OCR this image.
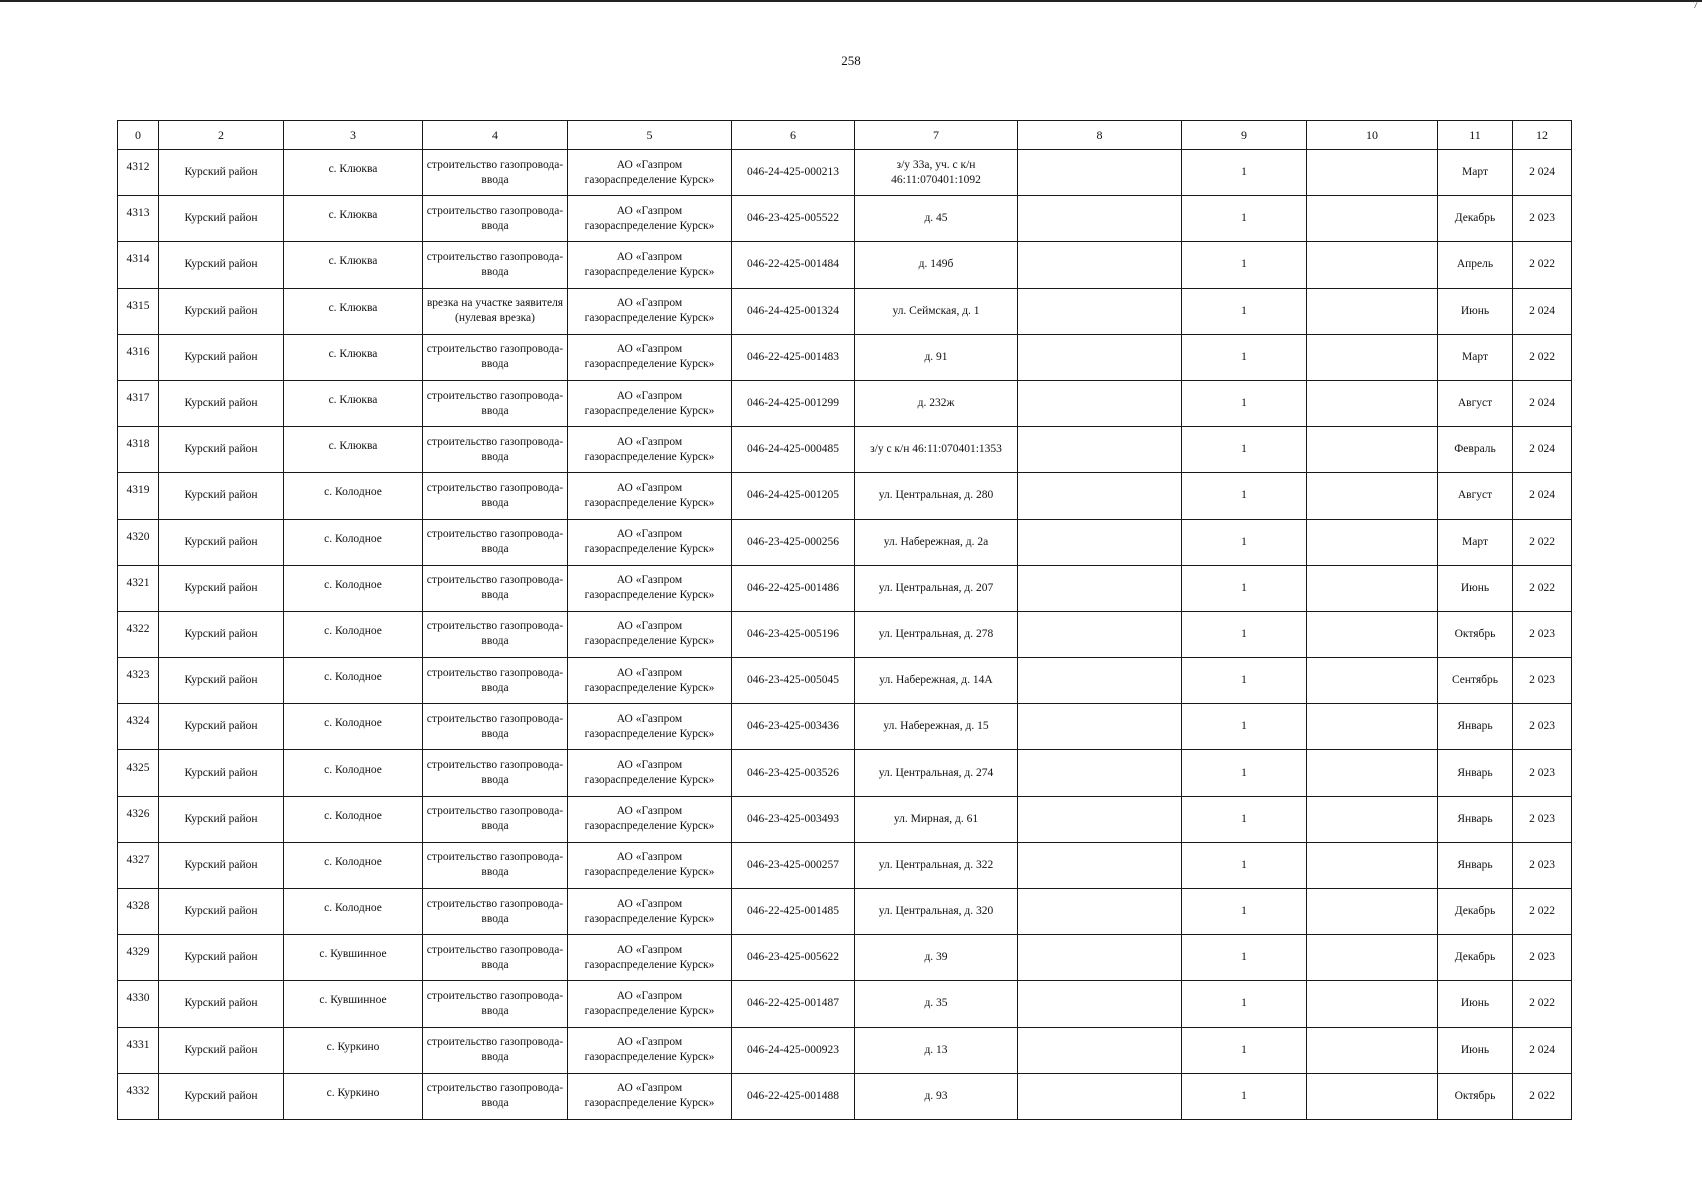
7
258
0	2	3	4	5	6	7	8	9	10	11	12
4312	Курский район	с. Клюква	строительство газопровода-ввода	АО «Газпром газораспределение Курск»	046-24-425-000213	з/у 33а, уч. с к/н 46:11:070401:1092		1		Март	2 024
4313	Курский район	с. Клюква	строительство газопровода-ввода	АО «Газпром газораспределение Курск»	046-23-425-005522	д. 45		1		Декабрь	2 023
4314	Курский район	с. Клюква	строительство газопровода-ввода	АО «Газпром газораспределение Курск»	046-22-425-001484	д. 149б		1		Апрель	2 022
4315	Курский район	с. Клюква	врезка на участке заявителя (нулевая врезка)	АО «Газпром газораспределение Курск»	046-24-425-001324	ул. Сеймская, д. 1		1		Июнь	2 024
4316	Курский район	с. Клюква	строительство газопровода-ввода	АО «Газпром газораспределение Курск»	046-22-425-001483	д. 91		1		Март	2 022
4317	Курский район	с. Клюква	строительство газопровода-ввода	АО «Газпром газораспределение Курск»	046-24-425-001299	д. 232ж		1		Август	2 024
4318	Курский район	с. Клюква	строительство газопровода-ввода	АО «Газпром газораспределение Курск»	046-24-425-000485	з/у с к/н 46:11:070401:1353		1		Февраль	2 024
4319	Курский район	с. Колодное	строительство газопровода-ввода	АО «Газпром газораспределение Курск»	046-24-425-001205	ул. Центральная, д. 280		1		Август	2 024
4320	Курский район	с. Колодное	строительство газопровода-ввода	АО «Газпром газораспределение Курск»	046-23-425-000256	ул. Набережная, д. 2а		1		Март	2 022
4321	Курский район	с. Колодное	строительство газопровода-ввода	АО «Газпром газораспределение Курск»	046-22-425-001486	ул. Центральная, д. 207		1		Июнь	2 022
4322	Курский район	с. Колодное	строительство газопровода-ввода	АО «Газпром газораспределение Курск»	046-23-425-005196	ул. Центральная, д. 278		1		Октябрь	2 023
4323	Курский район	с. Колодное	строительство газопровода-ввода	АО «Газпром газораспределение Курск»	046-23-425-005045	ул. Набережная, д. 14А		1		Сентябрь	2 023
4324	Курский район	с. Колодное	строительство газопровода-ввода	АО «Газпром газораспределение Курск»	046-23-425-003436	ул. Набережная, д. 15		1		Январь	2 023
4325	Курский район	с. Колодное	строительство газопровода-ввода	АО «Газпром газораспределение Курск»	046-23-425-003526	ул. Центральная, д. 274		1		Январь	2 023
4326	Курский район	с. Колодное	строительство газопровода-ввода	АО «Газпром газораспределение Курск»	046-23-425-003493	ул. Мирная, д. 61		1		Январь	2 023
4327	Курский район	с. Колодное	строительство газопровода-ввода	АО «Газпром газораспределение Курск»	046-23-425-000257	ул. Центральная, д. 322		1		Январь	2 023
4328	Курский район	с. Колодное	строительство газопровода-ввода	АО «Газпром газораспределение Курск»	046-22-425-001485	ул. Центральная, д. 320		1		Декабрь	2 022
4329	Курский район	с. Кувшинное	строительство газопровода-ввода	АО «Газпром газораспределение Курск»	046-23-425-005622	д. 39		1		Декабрь	2 023
4330	Курский район	с. Кувшинное	строительство газопровода-ввода	АО «Газпром газораспределение Курск»	046-22-425-001487	д. 35		1		Июнь	2 022
4331	Курский район	с. Куркино	строительство газопровода-ввода	АО «Газпром газораспределение Курск»	046-24-425-000923	д. 13		1		Июнь	2 024
4332	Курский район	с. Куркино	строительство газопровода-ввода	АО «Газпром газораспределение Курск»	046-22-425-001488	д. 93		1		Октябрь	2 022
